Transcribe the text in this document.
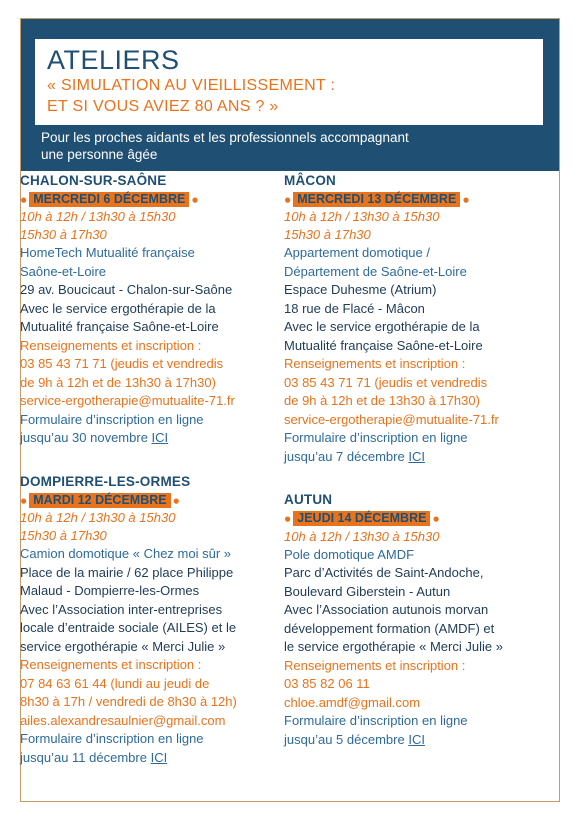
ATELIERS
« SIMULATION AU VIEILLISSEMENT :
ET SI VOUS AVIEZ 80 ANS ? »
Pour les proches aidants et les professionnels accompagnant
une personne âgée
CHALON-SUR-SAÔNE
● MERCREDI 6 DÉCEMBRE ●
10h à 12h / 13h30 à 15h30
15h30 à 17h30
HomeTech Mutualité française
Saône-et-Loire
29 av. Boucicaut - Chalon-sur-Saône
Avec le service ergothérapie de la
Mutualité française Saône-et-Loire
Renseignements et inscription :
03 85 43 71 71 (jeudis et vendredis
de 9h à 12h et de 13h30 à 17h30)
service-ergotherapie@mutualite-71.fr
Formulaire d’inscription en ligne
jusqu’au 30 novembre ICI
DOMPIERRE-LES-ORMES
● MARDI 12 DÉCEMBRE ●
10h à 12h / 13h30 à 15h30
15h30 à 17h30
Camion domotique « Chez moi sûr »
Place de la mairie / 62 place Philippe
Malaud - Dompierre-les-Ormes
Avec l’Association inter-entreprises
locale d’entraide sociale (AILES) et le
service ergothérapie « Merci Julie »
Renseignements et inscription :
07 84 63 61 44 (lundi au jeudi de
8h30 à 17h / vendredi de 8h30 à 12h)
ailes.alexandresaulnier@gmail.com
Formulaire d’inscription en ligne
jusqu’au 11 décembre ICI
MÂCON
● MERCREDI 13 DÉCEMBRE ●
10h à 12h / 13h30 à 15h30
15h30 à 17h30
Appartement domotique /
Département de Saône-et-Loire
Espace Duhesme (Atrium)
18 rue de Flacé - Mâcon
Avec le service ergothérapie de la
Mutualité française Saône-et-Loire
Renseignements et inscription :
03 85 43 71 71 (jeudis et vendredis
de 9h à 12h et de 13h30 à 17h30)
service-ergotherapie@mutualite-71.fr
Formulaire d’inscription en ligne
jusqu’au 7 décembre ICI
AUTUN
● JEUDI 14 DÉCEMBRE ●
10h à 12h / 13h30 à 15h30
Pole domotique AMDF
Parc d’Activités de Saint-Andoche,
Boulevard Giberstein - Autun
Avec l’Association autunois morvan
développement formation (AMDF) et
le service ergothérapie « Merci Julie »
Renseignements et inscription :
03 85 82 06 11
chloe.amdf@gmail.com
Formulaire d’inscription en ligne
jusqu’au 5 décembre ICI
